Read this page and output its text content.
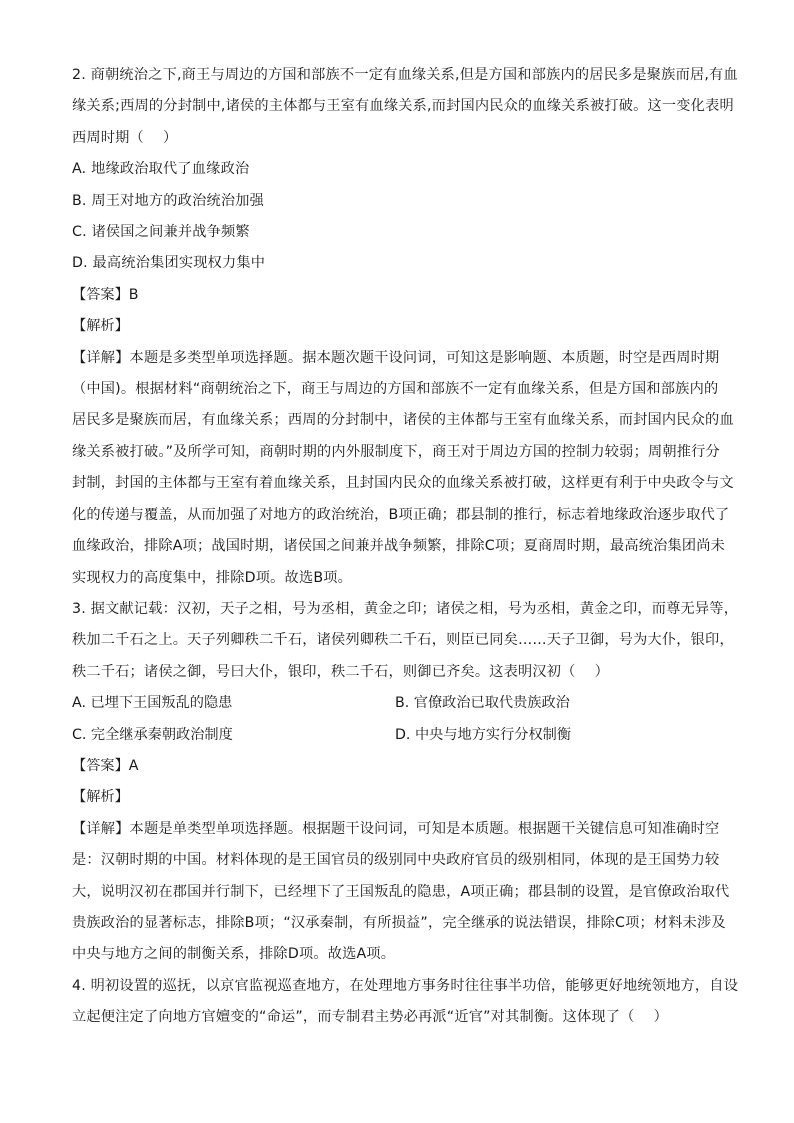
2. 商朝统治之下,商王与周边的方国和部族不一定有血缘关系,但是方国和部族内的居民多是聚族而居,有血
缘关系;西周的分封制中,诸侯的主体都与王室有血缘关系,而封国内民众的血缘关系被打破。这一变化表明
西周时期（　 ）
A. 地缘政治取代了血缘政治
B. 周王对地方的政治统治加强
C. 诸侯国之间兼并战争频繁
D. 最高统治集团实现权力集中
【答案】B
【解析】
【详解】本题是多类型单项选择题。据本题次题干设问词，可知这是影响题、本质题，时空是西周时期
（中国)。根据材料“商朝统治之下，商王与周边的方国和部族不一定有血缘关系，但是方国和部族内的
居民多是聚族而居，有血缘关系；西周的分封制中，诸侯的主体都与王室有血缘关系，而封国内民众的血
缘关系被打破。”及所学可知，商朝时期的内外服制度下，商王对于周边方国的控制力较弱；周朝推行分
封制，封国的主体都与王室有着血缘关系，且封国内民众的血缘关系被打破，这样更有利于中央政令与文
化的传递与覆盖，从而加强了对地方的政治统治，B项正确；郡县制的推行，标志着地缘政治逐步取代了
血缘政治，排除A项；战国时期，诸侯国之间兼并战争频繁，排除C项；夏商周时期，最高统治集团尚未
实现权力的高度集中，排除D项。故选B项。
3. 据文献记载：汉初，天子之相，号为丞相，黄金之印；诸侯之相，号为丞相，黄金之印，而尊无异等，
秩加二千石之上。天子列卿秩二千石，诸侯列卿秩二千石，则臣已同矣……天子卫御，号为大仆，银印，
秩二千石；诸侯之御，号曰大仆，银印，秩二千石，则御已齐矣。这表明汉初（　 ）
A. 已埋下王国叛乱的隐患	B. 官僚政治已取代贵族政治
C. 完全继承秦朝政治制度	D. 中央与地方实行分权制衡
【答案】A
【解析】
【详解】本题是单类型单项选择题。根据题干设问词，可知是本质题。根据题干关键信息可知准确时空
是：汉朝时期的中国。材料体现的是王国官员的级别同中央政府官员的级别相同，体现的是王国势力较
大，说明汉初在郡国并行制下，已经埋下了王国叛乱的隐患，A项正确；郡县制的设置，是官僚政治取代
贵族政治的显著标志，排除B项；“汉承秦制，有所损益”，完全继承的说法错误，排除C项；材料未涉及
中央与地方之间的制衡关系，排除D项。故选A项。
4. 明初设置的巡抚，以京官监视巡查地方，在处理地方事务时往往事半功倍，能够更好地统领地方，自设
立起便注定了向地方官嬗变的“命运”，而专制君主势必再派“近官”对其制衡。这体现了（　 ）
